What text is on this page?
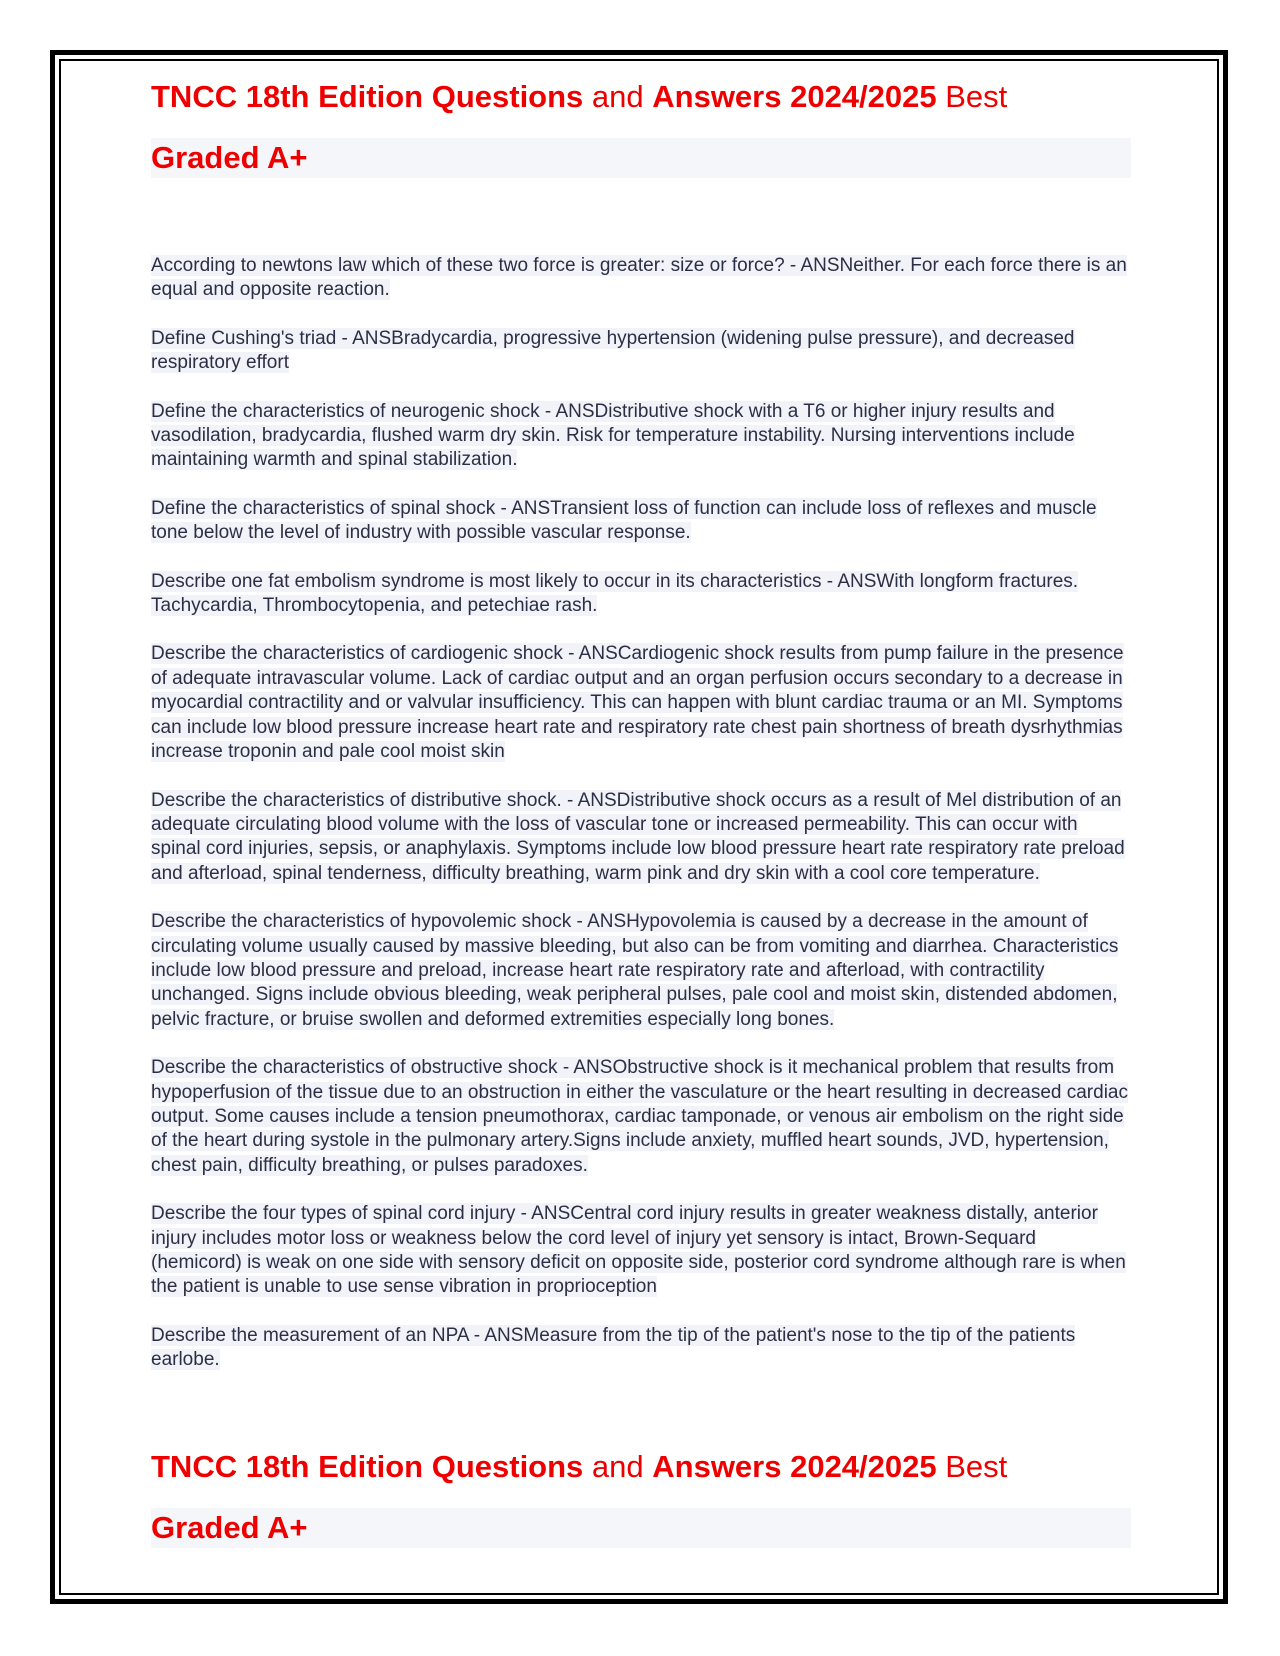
TNCC 18th Edition Questions and Answers 2024/2025 Best
Graded A+

According to newtons law which of these two force is greater: size or force? - ANSNeither. For each force there is an equal and opposite reaction.

Define Cushing's triad - ANSBradycardia, progressive hypertension (widening pulse pressure), and decreased respiratory effort

Define the characteristics of neurogenic shock - ANSDistributive shock with a T6 or higher injury results and vasodilation, bradycardia, flushed warm dry skin. Risk for temperature instability. Nursing interventions include maintaining warmth and spinal stabilization.

Define the characteristics of spinal shock - ANSTransient loss of function can include loss of reflexes and muscle tone below the level of industry with possible vascular response.

Describe one fat embolism syndrome is most likely to occur in its characteristics - ANSWith longform fractures. Tachycardia, Thrombocytopenia, and petechiae rash.

Describe the characteristics of cardiogenic shock - ANSCardiogenic shock results from pump failure in the presence of adequate intravascular volume. Lack of cardiac output and an organ perfusion occurs secondary to a decrease in myocardial contractility and or valvular insufficiency. This can happen with blunt cardiac trauma or an MI. Symptoms can include low blood pressure increase heart rate and respiratory rate chest pain shortness of breath dysrhythmias increase troponin and pale cool moist skin

Describe the characteristics of distributive shock. - ANSDistributive shock occurs as a result of Mel distribution of an adequate circulating blood volume with the loss of vascular tone or increased permeability. This can occur with spinal cord injuries, sepsis, or anaphylaxis. Symptoms include low blood pressure heart rate respiratory rate preload and afterload, spinal tenderness, difficulty breathing, warm pink and dry skin with a cool core temperature.

Describe the characteristics of hypovolemic shock - ANSHypovolemia is caused by a decrease in the amount of circulating volume usually caused by massive bleeding, but also can be from vomiting and diarrhea. Characteristics include low blood pressure and preload, increase heart rate respiratory rate and afterload, with contractility unchanged. Signs include obvious bleeding, weak peripheral pulses, pale cool and moist skin, distended abdomen, pelvic fracture, or bruise swollen and deformed extremities especially long bones.

Describe the characteristics of obstructive shock - ANSObstructive shock is it mechanical problem that results from hypoperfusion of the tissue due to an obstruction in either the vasculature or the heart resulting in decreased cardiac output. Some causes include a tension pneumothorax, cardiac tamponade, or venous air embolism on the right side of the heart during systole in the pulmonary artery.Signs include anxiety, muffled heart sounds, JVD, hypertension, chest pain, difficulty breathing, or pulses paradoxes.

Describe the four types of spinal cord injury - ANSCentral cord injury results in greater weakness distally, anterior injury includes motor loss or weakness below the cord level of injury yet sensory is intact, Brown-Sequard (hemicord) is weak on one side with sensory deficit on opposite side, posterior cord syndrome although rare is when the patient is unable to use sense vibration in proprioception

Describe the measurement of an NPA - ANSMeasure from the tip of the patient's nose to the tip of the patients earlobe.

TNCC 18th Edition Questions and Answers 2024/2025 Best
Graded A+
